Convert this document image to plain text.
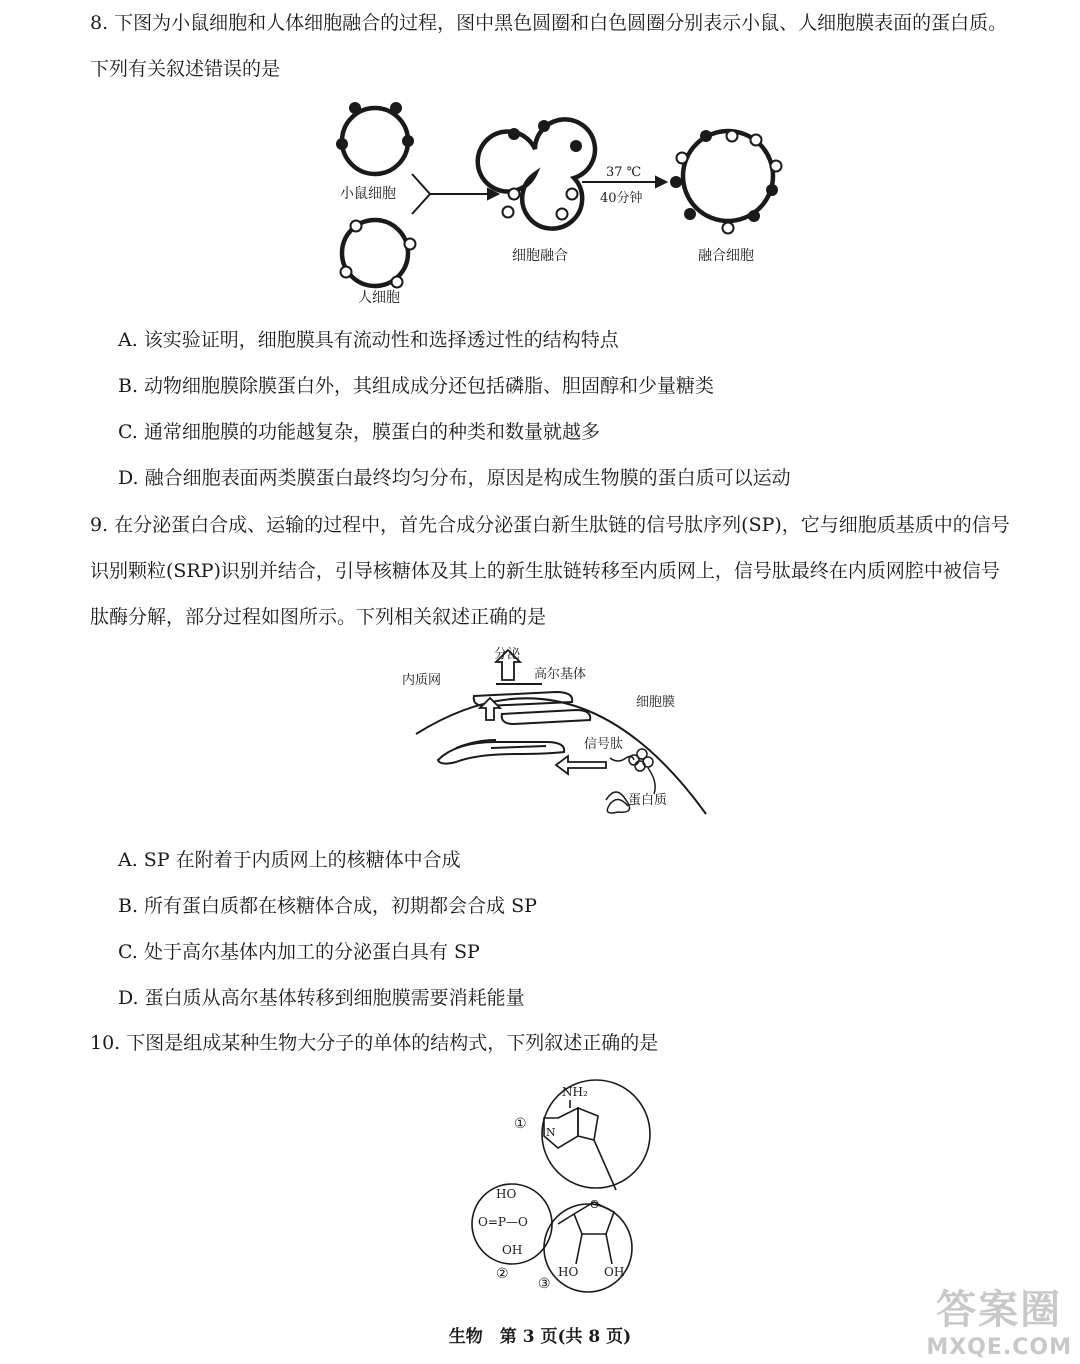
8. 下图为小鼠细胞和人体细胞融合的过程，图中黑色圆圈和白色圆圈分别表示小鼠、人细胞膜表面的蛋白质。下列有关叙述错误的是
小鼠细胞
人细胞
细胞融合	融合细胞
37 ℃
40分钟
A. 该实验证明，细胞膜具有流动性和选择透过性的结构特点
B. 动物细胞膜除膜蛋白外，其组成成分还包括磷脂、胆固醇和少量糖类
C. 通常细胞膜的功能越复杂，膜蛋白的种类和数量就越多
D. 融合细胞表面两类膜蛋白最终均匀分布，原因是构成生物膜的蛋白质可以运动
9. 在分泌蛋白合成、运输的过程中，首先合成分泌蛋白新生肽链的信号肽序列(SP)，它与细胞质基质中的信号识别颗粒(SRP)识别并结合，引导核糖体及其上的新生肽链转移至内质网上，信号肽最终在内质网腔中被信号肽酶分解，部分过程如图所示。下列相关叙述正确的是
分泌
高尔基体
内质网
细胞膜
信号肽
蛋白质
A. SP 在附着于内质网上的核糖体中合成
B. 所有蛋白质都在核糖体合成，初期都会合成 SP
C. 处于高尔基体内加工的分泌蛋白具有 SP
D. 蛋白质从高尔基体转移到细胞膜需要消耗能量
10. 下图是组成某种生物大分子的单体的结构式，下列叙述正确的是
NH₂
N
HO
O=P—O
OH
O
HO OH
①
②
③
生物　第 3 页(共 8 页)
答案圈
MXQE.COM
